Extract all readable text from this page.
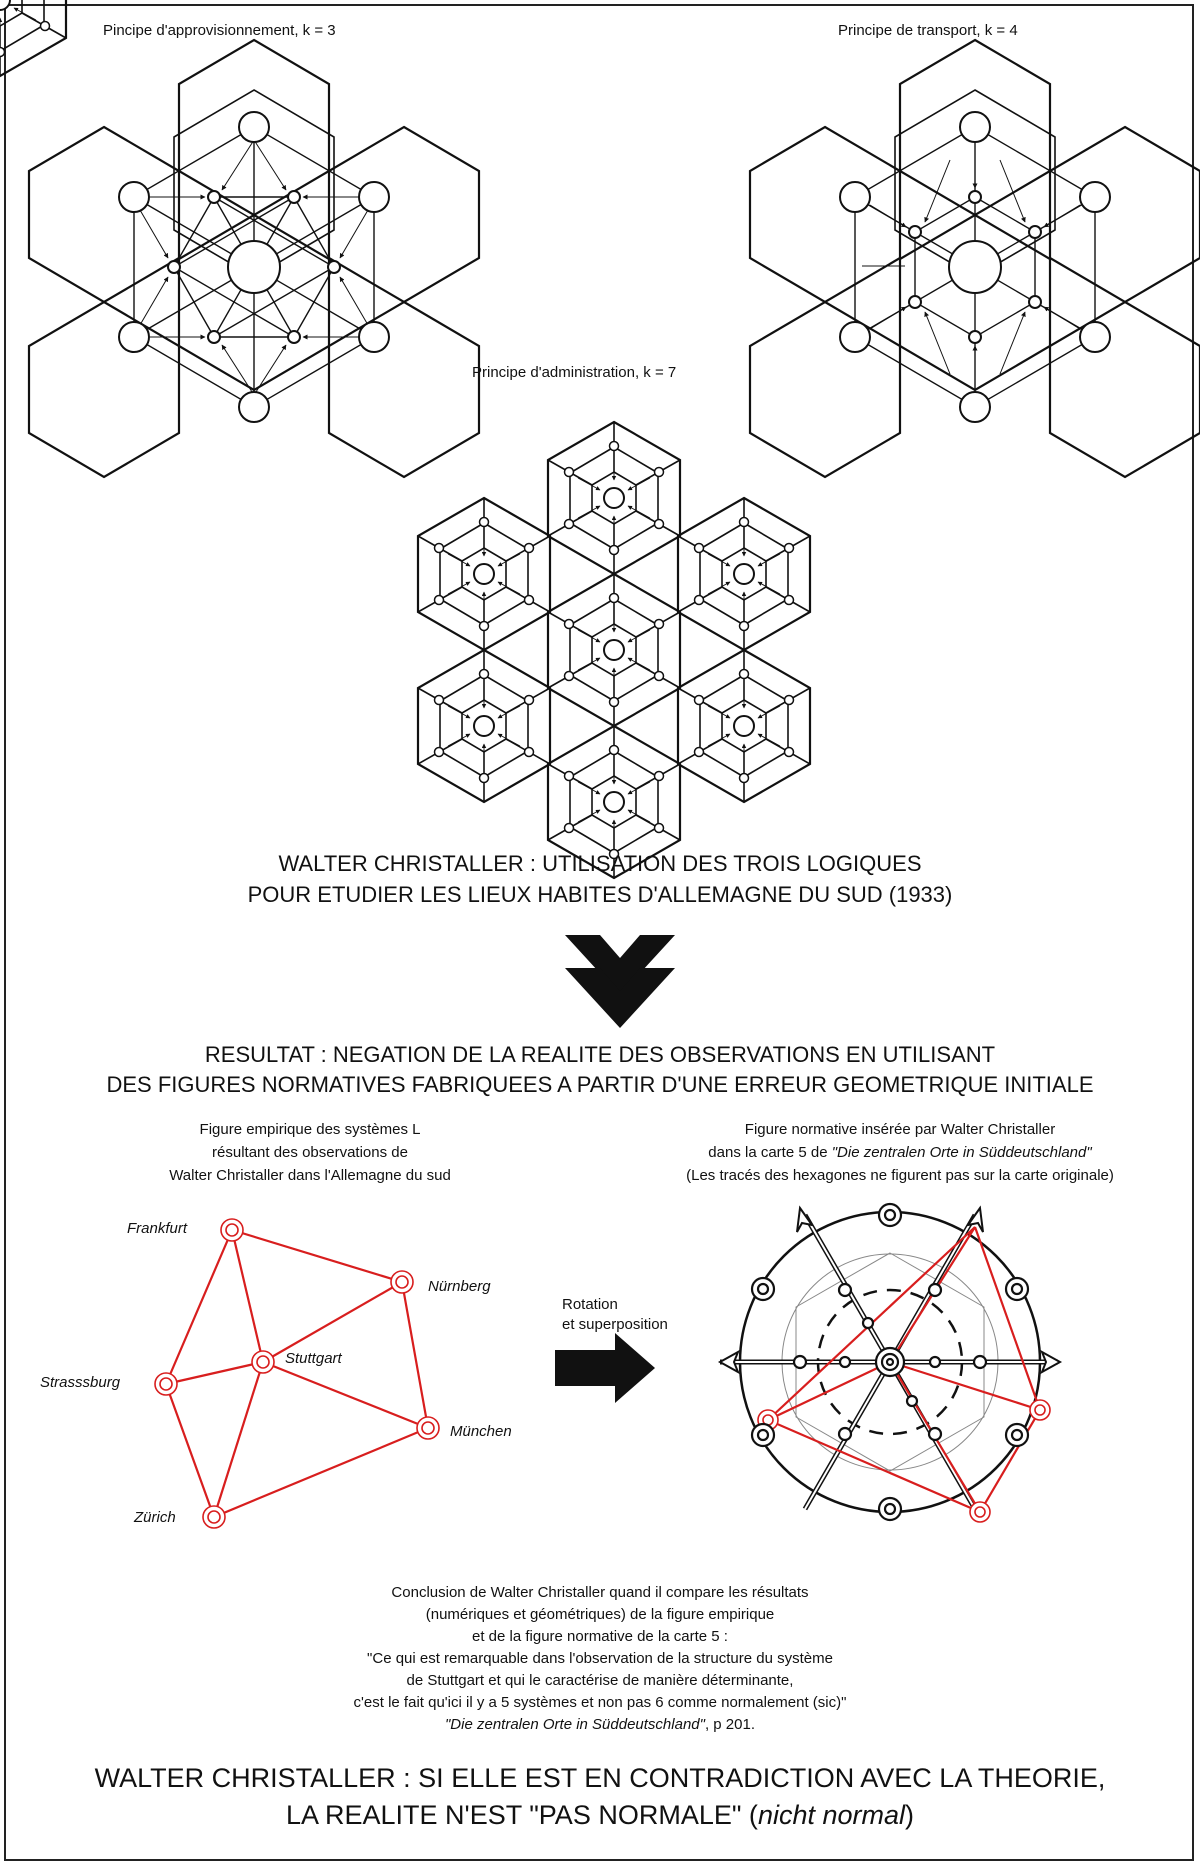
Pincipe d'approvisionnement, k = 3	Principe de transport, k = 4
Principe d'administration, k = 7
WALTER CHRISTALLER : UTILISATION DES TROIS LOGIQUES
POUR ETUDIER LES LIEUX HABITES D'ALLEMAGNE DU SUD (1933)
RESULTAT : NEGATION DE LA REALITE DES OBSERVATIONS EN UTILISANT
DES FIGURES NORMATIVES FABRIQUEES A PARTIR D'UNE ERREUR GEOMETRIQUE INITIALE
Figure empirique des systèmes L
résultant des observations de
Walter Christaller dans l'Allemagne du sud
Figure normative insérée par Walter Christaller
dans la carte 5 de "Die zentralen Orte in Süddeutschland"
(Les tracés des hexagones ne figurent pas sur la carte originale)
Frankfurt
Nürnberg
Strasssburg
Stuttgart
München
Zürich
Rotation
et superposition
Conclusion de Walter Christaller quand il compare les résultats
(numériques et géométriques) de la figure empirique
et de la figure normative de la carte 5 :
"Ce qui est remarquable dans l'observation de la structure du système
de Stuttgart et qui le caractérise de manière déterminante,
c'est le fait qu'ici il y a 5 systèmes et non pas 6 comme normalement (sic)"
"Die zentralen Orte in Süddeutschland", p 201.
WALTER CHRISTALLER : SI ELLE EST EN CONTRADICTION AVEC LA THEORIE,
LA REALITE N'EST "PAS NORMALE" (nicht normal)
